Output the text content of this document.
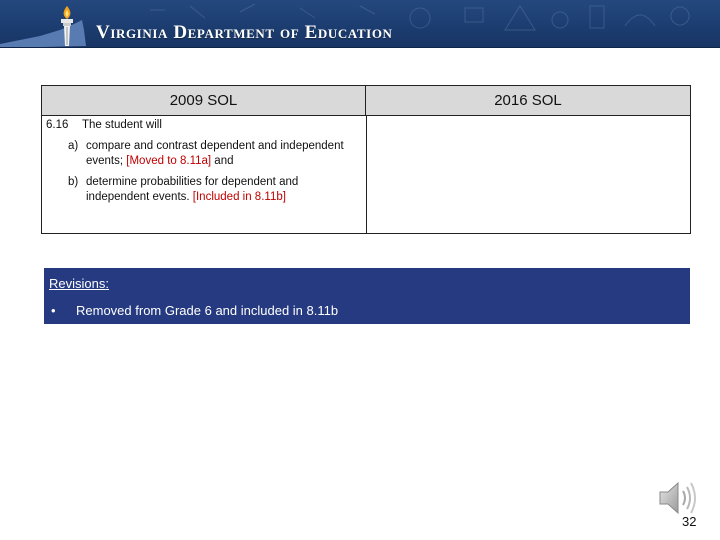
Virginia Department of Education
2009 SOL	2016 SOL
6.16 The student will
a) compare and contrast dependent and independent events; [Moved to 8.11a] and
b) determine probabilities for dependent and independent events. [Included in 8.11b]
Revisions:
• Removed from Grade 6 and included in 8.11b
32
